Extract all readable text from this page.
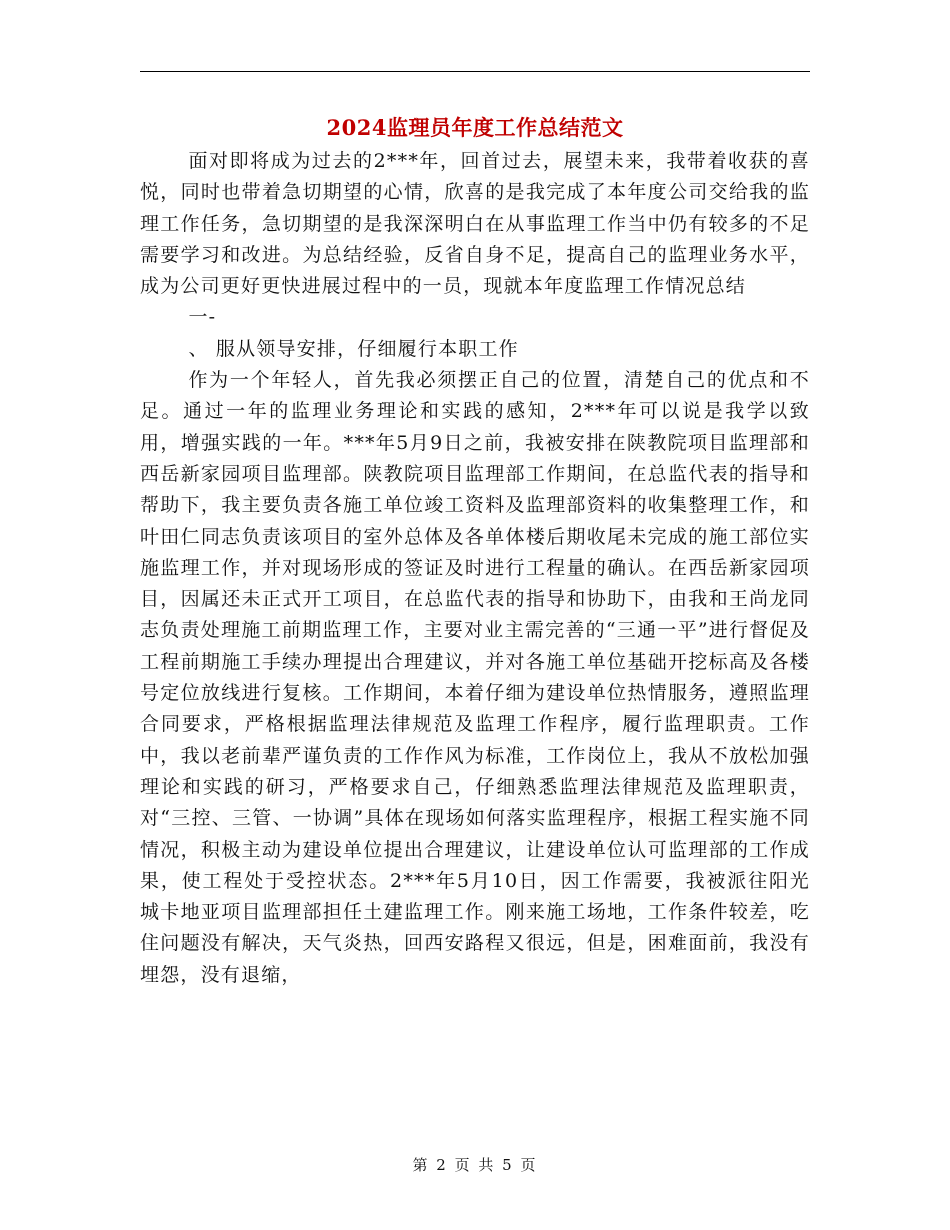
2024监理员年度工作总结范文

面对即将成为过去的2***年，回首过去，展望未来，我带着收获的喜悦，同时也带着急切期望的心情，欣喜的是我完成了本年度公司交给我的监理工作任务，急切期望的是我深深明白在从事监理工作当中仍有较多的不足需要学习和改进。为总结经验，反省自身不足，提高自己的监理业务水平，成为公司更好更快进展过程中的一员，现就本年度监理工作情况总结

一-

、 服从领导安排，仔细履行本职工作

作为一个年轻人，首先我必须摆正自己的位置，清楚自己的优点和不足。通过一年的监理业务理论和实践的感知，2***年可以说是我学以致用，增强实践的一年。***年5月9日之前，我被安排在陕教院项目监理部和西岳新家园项目监理部。陕教院项目监理部工作期间，在总监代表的指导和帮助下，我主要负责各施工单位竣工资料及监理部资料的收集整理工作，和叶田仁同志负责该项目的室外总体及各单体楼后期收尾未完成的施工部位实施监理工作，并对现场形成的签证及时进行工程量的确认。在西岳新家园项目，因属还未正式开工项目，在总监代表的指导和协助下，由我和王尚龙同志负责处理施工前期监理工作，主要对业主需完善的“三通一平”进行督促及工程前期施工手续办理提出合理建议，并对各施工单位基础开挖标高及各楼号定位放线进行复核。工作期间，本着仔细为建设单位热情服务，遵照监理合同要求，严格根据监理法律规范及监理工作程序，履行监理职责。工作中，我以老前辈严谨负责的工作作风为标准，工作岗位上，我从不放松加强理论和实践的研习，严格要求自己，仔细熟悉监理法律规范及监理职责，对“三控、三管、一协调”具体在现场如何落实监理程序，根据工程实施不同情况，积极主动为建设单位提出合理建议，让建设单位认可监理部的工作成果，使工程处于受控状态。2***年5月10日，因工作需要，我被派往阳光城卡地亚项目监理部担任土建监理工作。刚来施工场地，工作条件较差，吃住问题没有解决，天气炎热，回西安路程又很远，但是，困难面前，我没有埋怨，没有退缩，

第 2 页 共 5 页
